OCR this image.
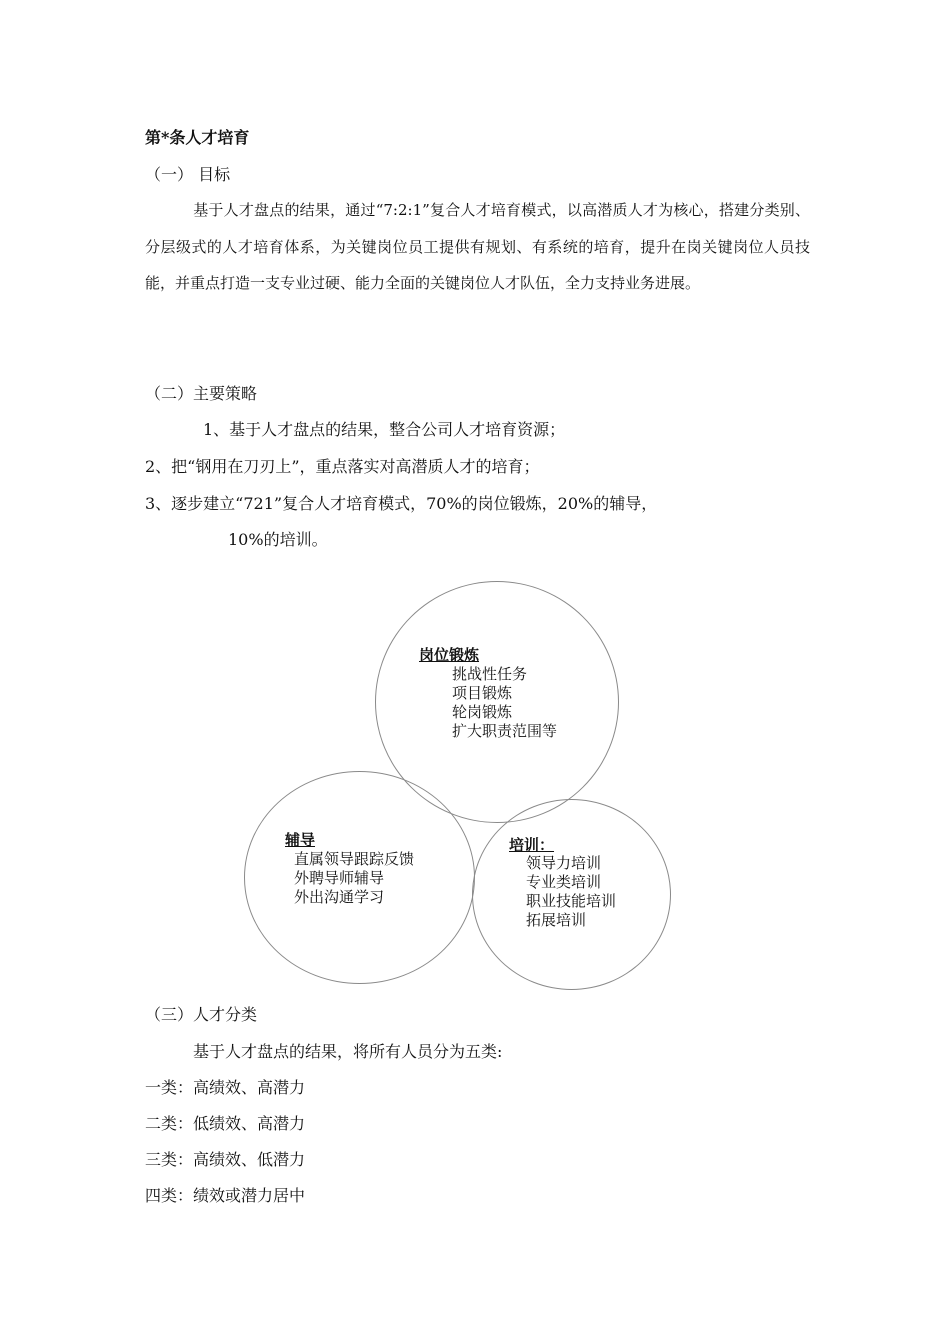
第*条人才培育
（一） 目标
基于人才盘点的结果，通过“7:2:1”复合人才培育模式，以高潜质人才为核心，搭建分类别、分层级式的人才培育体系，为关键岗位员工提供有规划、有系统的培育，提升在岗关键岗位人员技能，并重点打造一支专业过硬、能力全面的关键岗位人才队伍，全力支持业务进展。
（二）主要策略
1、基于人才盘点的结果，整合公司人才培育资源；
2、把“钢用在刀刃上”，重点落实对高潜质人才的培育；
3、逐步建立“721”复合人才培育模式，70%的岗位锻炼，20%的辅导，
10%的培训。
岗位锻炼
挑战性任务
项目锻炼
轮岗锻炼
扩大职责范围等
辅导
直属领导跟踪反馈
外聘导师辅导
外出沟通学习
培训：
领导力培训
专业类培训
职业技能培训
拓展培训
（三）人才分类
基于人才盘点的结果，将所有人员分为五类:
一类：高绩效、高潜力
二类：低绩效、高潜力
三类：高绩效、低潜力
四类：绩效或潜力居中
